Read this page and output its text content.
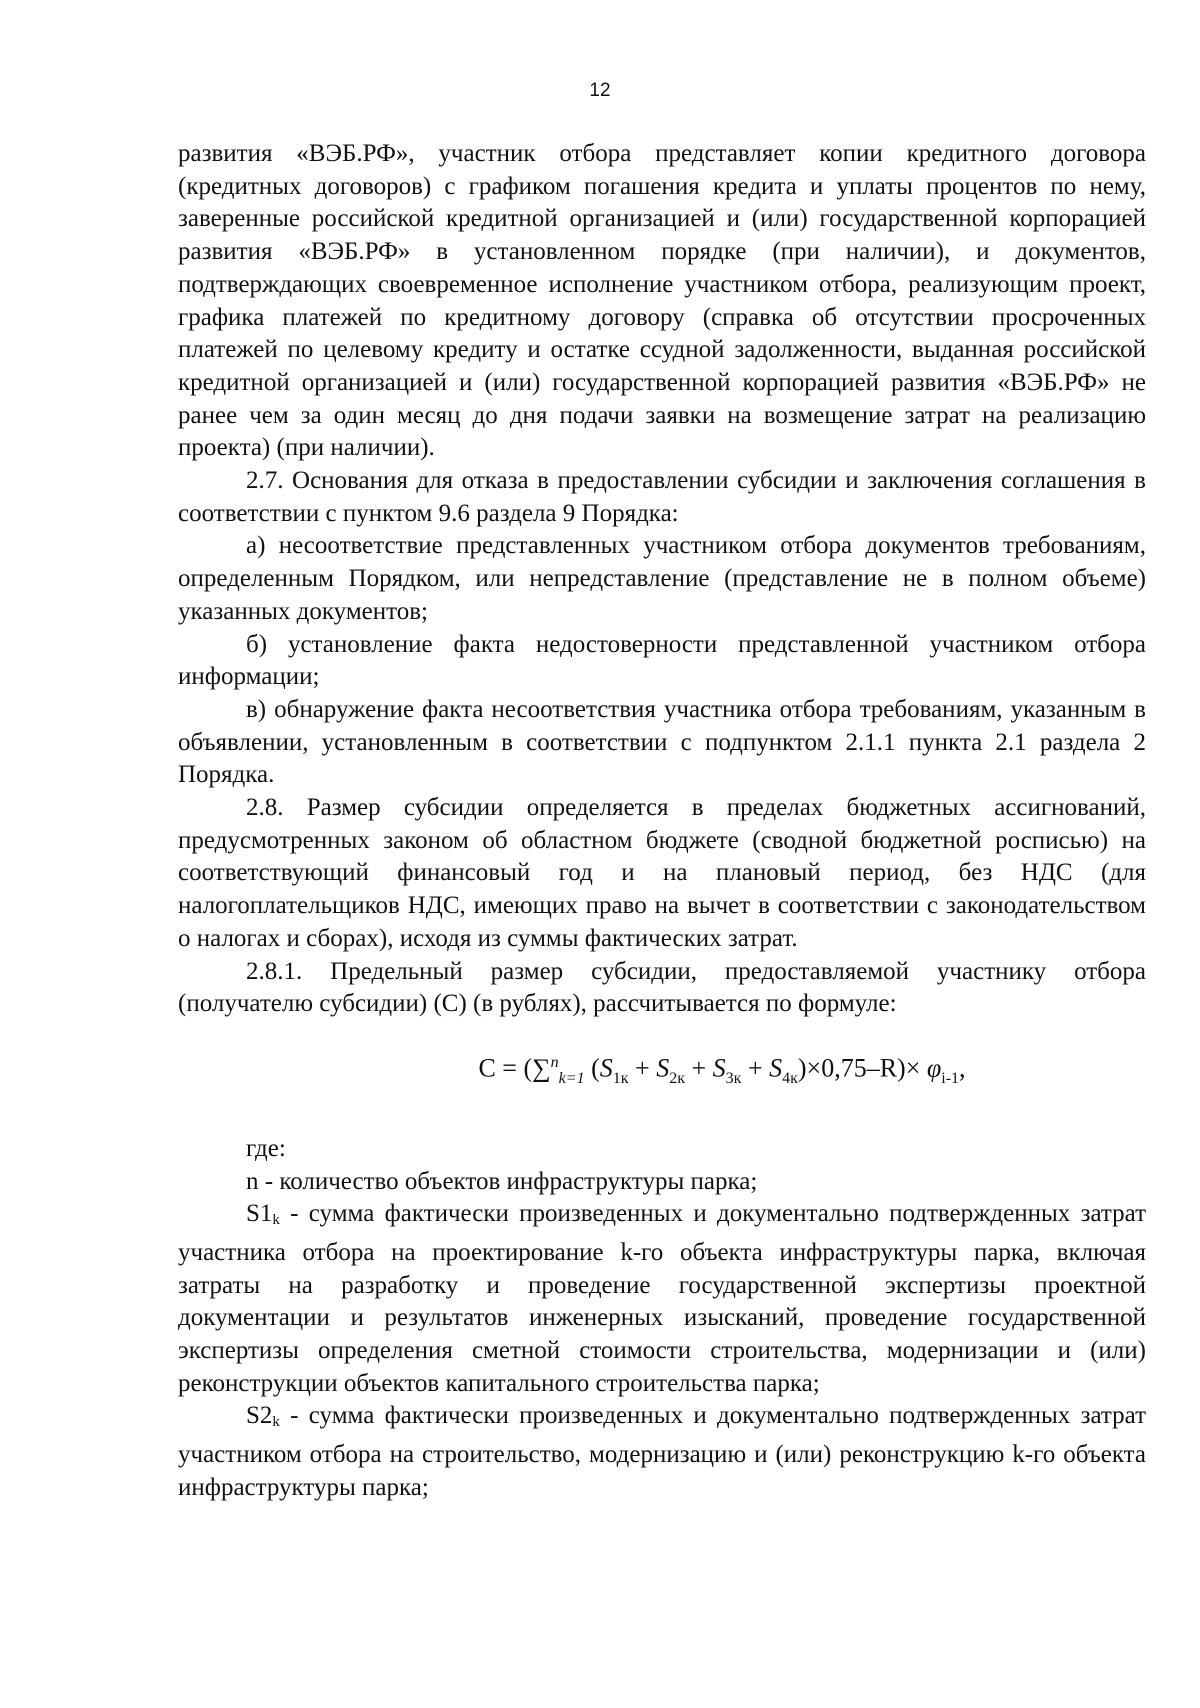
12

развития «ВЭБ.РФ», участник отбора представляет копии кредитного договора (кредитных договоров) с графиком погашения кредита и уплаты процентов по нему, заверенные российской кредитной организацией и (или) государственной корпорацией развития «ВЭБ.РФ» в установленном порядке (при наличии), и документов, подтверждающих своевременное исполнение участником отбора, реализующим проект, графика платежей по кредитному договору (справка об отсутствии просроченных платежей по целевому кредиту и остатке ссудной задолженности, выданная российской кредитной организацией и (или) государственной корпорацией развития «ВЭБ.РФ» не ранее чем за один месяц до дня подачи заявки на возмещение затрат на реализацию проекта) (при наличии).

2.7. Основания для отказа в предоставлении субсидии и заключения соглашения в соответствии с пунктом 9.6 раздела 9 Порядка:

а) несоответствие представленных участником отбора документов требованиям, определенным Порядком, или непредставление (представление не в полном объеме) указанных документов;

б) установление факта недостоверности представленной участником отбора информации;

в) обнаружение факта несоответствия участника отбора требованиям, указанным в объявлении, установленным в соответствии с подпунктом 2.1.1 пункта 2.1 раздела 2 Порядка.

2.8. Размер субсидии определяется в пределах бюджетных ассигнований, предусмотренных законом об областном бюджете (сводной бюджетной росписью) на соответствующий финансовый год и на плановый период, без НДС (для налогоплательщиков НДС, имеющих право на вычет в соответствии с законодательством о налогах и сборах), исходя из суммы фактических затрат.

2.8.1. Предельный размер субсидии, предоставляемой участнику отбора (получателю субсидии) (С) (в рублях), рассчитывается по формуле:

C = (∑$^n_{k=1}$ $(S_{1к} + S_{2к} + S_{3к} + S_{4к})\times 0,75-R)\times \varphi_{i-1}$,

где:

n - количество объектов инфраструктуры парка;

S1k - сумма фактически произведенных и документально подтвержденных затрат участника отбора на проектирование k-го объекта инфраструктуры парка, включая затраты на разработку и проведение государственной экспертизы проектной документации и результатов инженерных изысканий, проведение государственной экспертизы определения сметной стоимости строительства, модернизации и (или) реконструкции объектов капитального строительства парка;

S2k - сумма фактически произведенных и документально подтвержденных затрат участником отбора на строительство, модернизацию и (или) реконструкцию k-го объекта инфраструктуры парка;
